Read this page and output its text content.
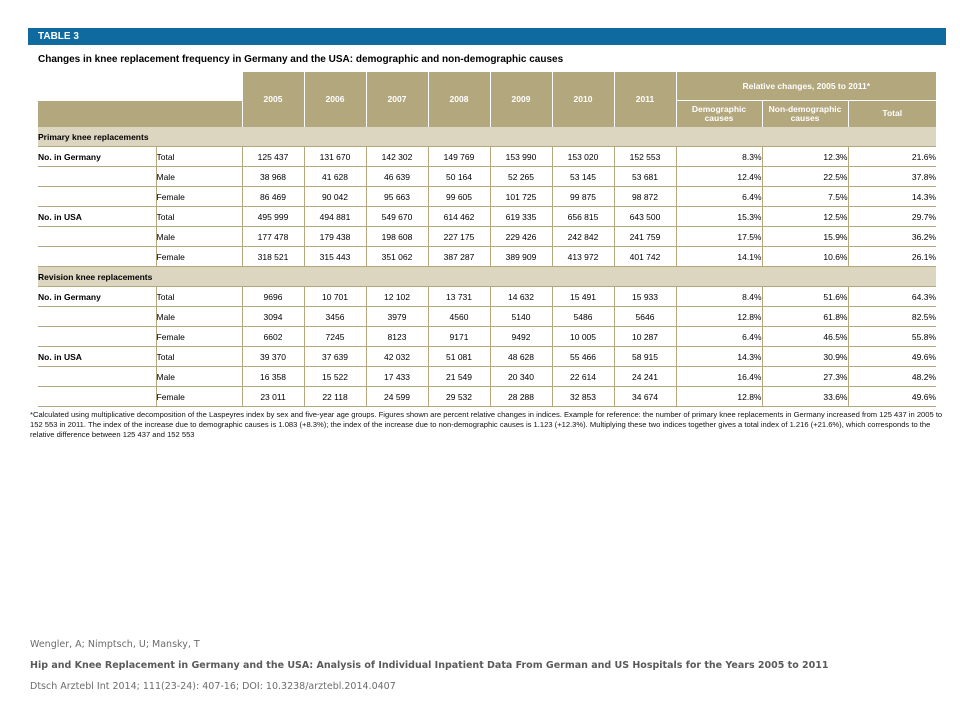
TABLE 3
Changes in knee replacement frequency in Germany and the USA: demographic and non-demographic causes
		2005	2006	2007	2008	2009	2010	2011	Relative changes, 2005 to 2011*		
									Demographic causes	Non-demographic causes	Total
Primary knee replacements											
No. in Germany	Total	125 437	131 670	142 302	149 769	153 990	153 020	152 553	8.3%	12.3%	21.6%
	Male	38 968	41 628	46 639	50 164	52 265	53 145	53 681	12.4%	22.5%	37.8%
	Female	86 469	90 042	95 663	99 605	101 725	99 875	98 872	6.4%	7.5%	14.3%
No. in USA	Total	495 999	494 881	549 670	614 462	619 335	656 815	643 500	15.3%	12.5%	29.7%
	Male	177 478	179 438	198 608	227 175	229 426	242 842	241 759	17.5%	15.9%	36.2%
	Female	318 521	315 443	351 062	387 287	389 909	413 972	401 742	14.1%	10.6%	26.1%
Revision knee replacements											
No. in Germany	Total	9696	10 701	12 102	13 731	14 632	15 491	15 933	8.4%	51.6%	64.3%
	Male	3094	3456	3979	4560	5140	5486	5646	12.8%	61.8%	82.5%
	Female	6602	7245	8123	9171	9492	10 005	10 287	6.4%	46.5%	55.8%
No. in USA	Total	39 370	37 639	42 032	51 081	48 628	55 466	58 915	14.3%	30.9%	49.6%
	Male	16 358	15 522	17 433	21 549	20 340	22 614	24 241	16.4%	27.3%	48.2%
	Female	23 011	22 118	24 599	29 532	28 288	32 853	34 674	12.8%	33.6%	49.6%
*Calculated using multiplicative decomposition of the Laspeyres index by sex and five-year age groups. Figures shown are percent relative changes in indices. Example for reference: the number of primary knee replacements in Germany increased from 125 437 in 2005 to 152 553 in 2011. The index of the increase due to demographic causes is 1.083 (+8.3%); the index of the increase due to non-demographic causes is 1.123 (+12.3%). Multiplying these two indices together gives a total index of 1.216 (+21.6%), which corresponds to the relative difference between 125 437 and 152 553
Wengler, A; Nimptsch, U; Mansky, T
Hip and Knee Replacement in Germany and the USA: Analysis of Individual Inpatient Data From German and US Hospitals for the Years 2005 to 2011
Dtsch Arztebl Int 2014; 111(23-24): 407-16; DOI: 10.3238/arztebl.2014.0407
